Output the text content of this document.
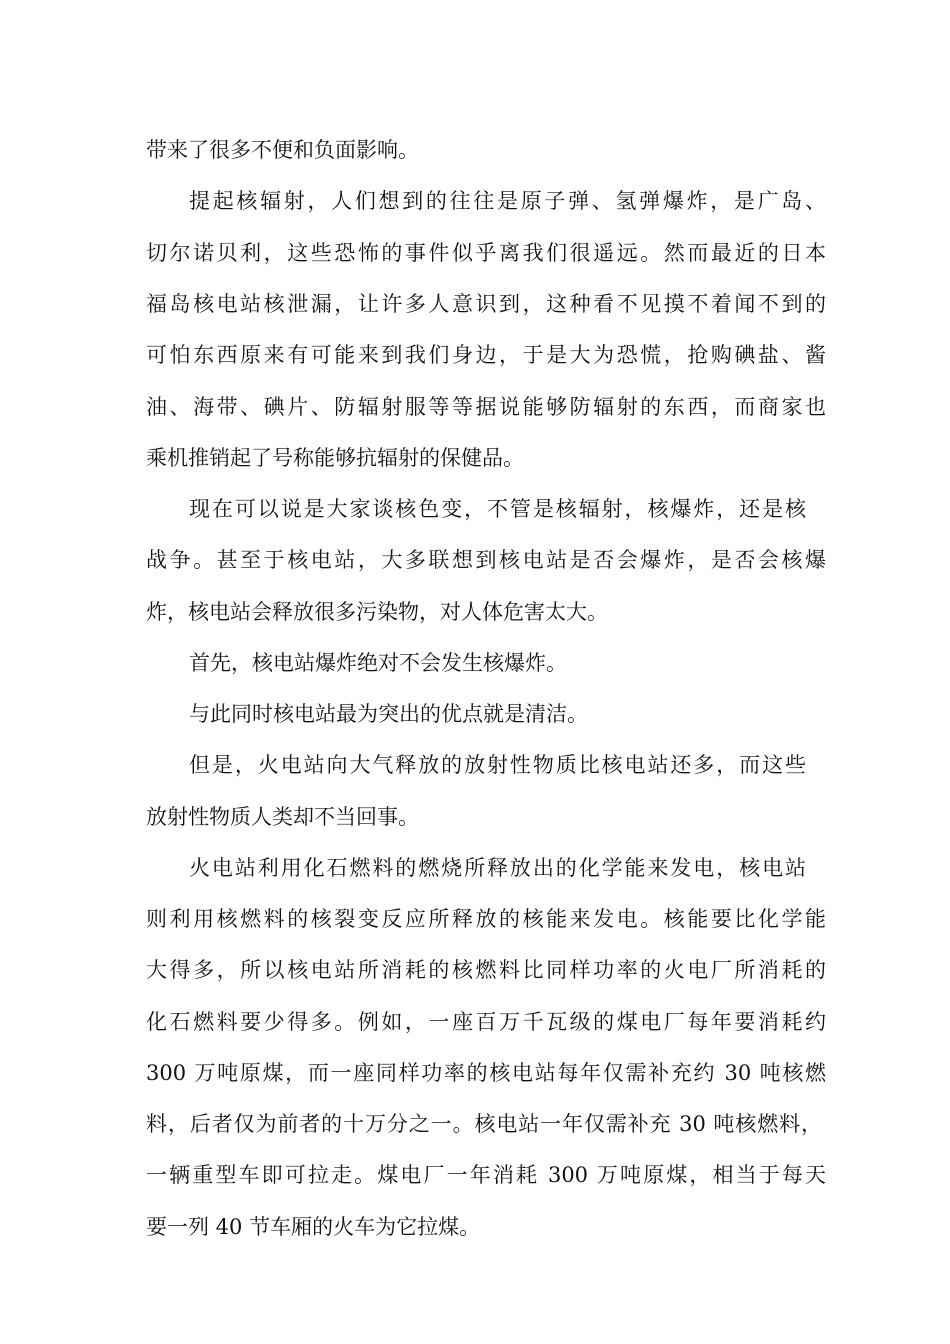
带来了很多不便和负面影响。
提起核辐射，人们想到的往往是原子弹、氢弹爆炸，是广岛、
切尔诺贝利，这些恐怖的事件似乎离我们很遥远。然而最近的日本
福岛核电站核泄漏，让许多人意识到，这种看不见摸不着闻不到的
可怕东西原来有可能来到我们身边，于是大为恐慌，抢购碘盐、酱
油、海带、碘片、防辐射服等等据说能够防辐射的东西，而商家也
乘机推销起了号称能够抗辐射的保健品。
现在可以说是大家谈核色变，不管是核辐射，核爆炸，还是核
战争。甚至于核电站，大多联想到核电站是否会爆炸，是否会核爆
炸，核电站会释放很多污染物，对人体危害太大。
首先，核电站爆炸绝对不会发生核爆炸。
与此同时核电站最为突出的优点就是清洁。
但是，火电站向大气释放的放射性物质比核电站还多，而这些
放射性物质人类却不当回事。
火电站利用化石燃料的燃烧所释放出的化学能来发电，核电站
则利用核燃料的核裂变反应所释放的核能来发电。核能要比化学能
大得多，所以核电站所消耗的核燃料比同样功率的火电厂所消耗的
化石燃料要少得多。例如，一座百万千瓦级的煤电厂每年要消耗约
300 万吨原煤，而一座同样功率的核电站每年仅需补充约 30 吨核燃
料，后者仅为前者的十万分之一。核电站一年仅需补充 30 吨核燃料，
一辆重型车即可拉走。煤电厂一年消耗 300 万吨原煤，相当于每天
要一列 40 节车厢的火车为它拉煤。
